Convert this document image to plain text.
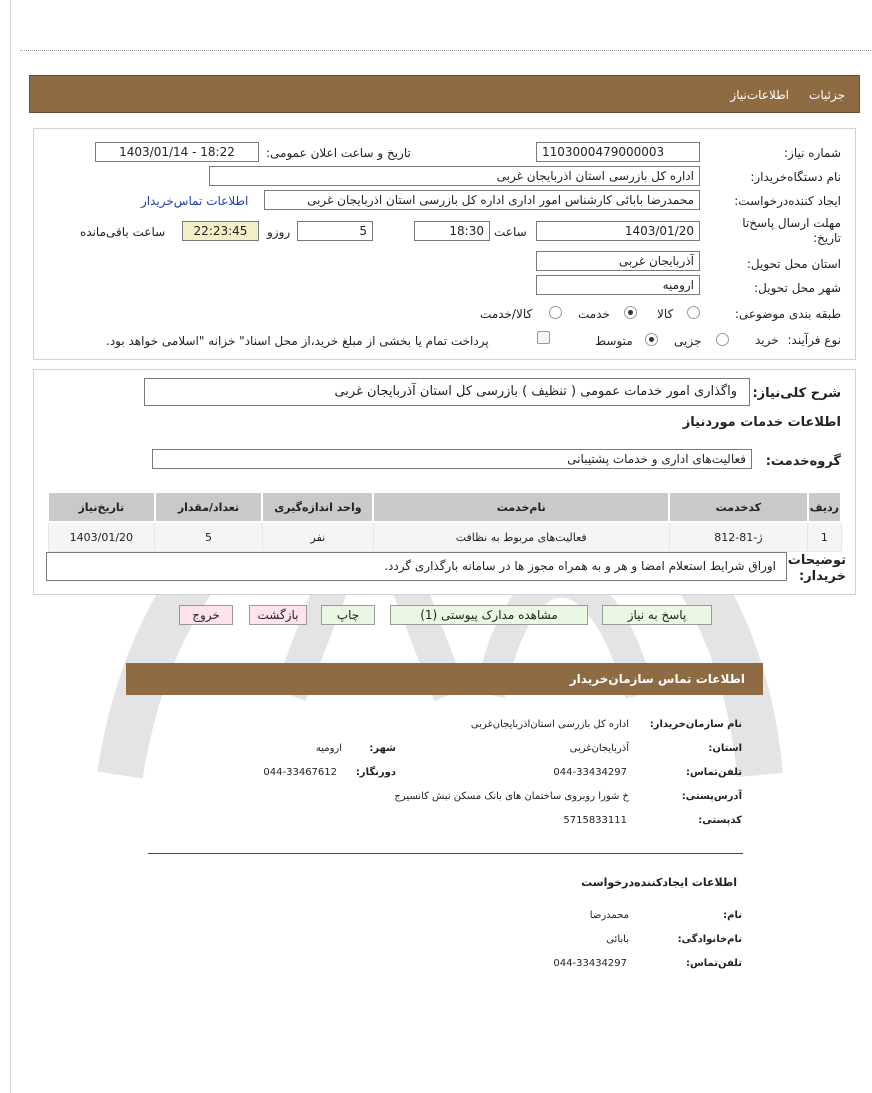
جزئیات
اطلاعات‌نیاز
شماره نیاز:
1103000479000003
تاریخ و ساعت اعلان عمومی:
1403/01/14 - 18:22
نام دستگاه‌خریدار:
اداره کل بازرسی استان اذربایجان غربی
ایجاد کننده‌درخواست:
محمدرضا بابائی کارشناس امور اداری اداره کل بازرسی استان اذربایجان غربی
اطلاعات تماس‌خریدار
مهلت ارسال پاسخ‌تا تاریخ:
1403/01/20
ساعت
18:30
5
روزو
22:23:45
ساعت باقی‌مانده
استان محل تحویل:
آذربایجان غربی
شهر محل تحویل:
ارومیه
طبقه بندی موضوعی:
کالا
خدمت
کالا/خدمت
نوع فرآیند:
خرید
جزیی
متوسط
پرداخت تمام یا بخشی از مبلغ خرید،از محل اسناد" خزانه "اسلامی خواهد بود.
شرح کلی‌نیاز:
واگذاری امور خدمات عمومی ( تنظیف ) بازرسی کل استان آذربایجان غربی
اطلاعات خدمات موردنیاز
گروه‌خدمت:
فعالیت‌های اداری و خدمات پشتیبانی
ردیف	کدخدمت	نام‌خدمت	واحد اندازه‌گیری	تعداد/مقدار	تاریخ‌نیاز
1	ژ-81-812	فعالیت‌های مربوط به نظافت	نفر	5	1403/01/20
توضیحات خریدار:
اوراق شرایط استعلام امضا و هر و به همراه مجوز ها در سامانه بارگذاری گردد.
پاسخ به نیاز
مشاهده مدارک پیوستی (1)
چاپ
بازگشت
خروج
اطلاعات تماس سازمان‌خریدار
نام سازمان‌خریدار:
اداره کل بازرسی استان‌اذربایجان‌غربی
استان:
آذربایجان‌غربی
شهر:
ارومیه
تلفن‌تماس:
044-33434297
دورنگار:
044-33467612
آدرس‌پستی:
خ شورا روبروی ساختمان های بانک مسکن نبش کانسیرج
کدپستی:
5715833111
اطلاعات ایجادکننده‌درخواست
نام:
محمدرضا
نام‌خانوادگی:
بابائی
تلفن‌تماس:
044-33434297
